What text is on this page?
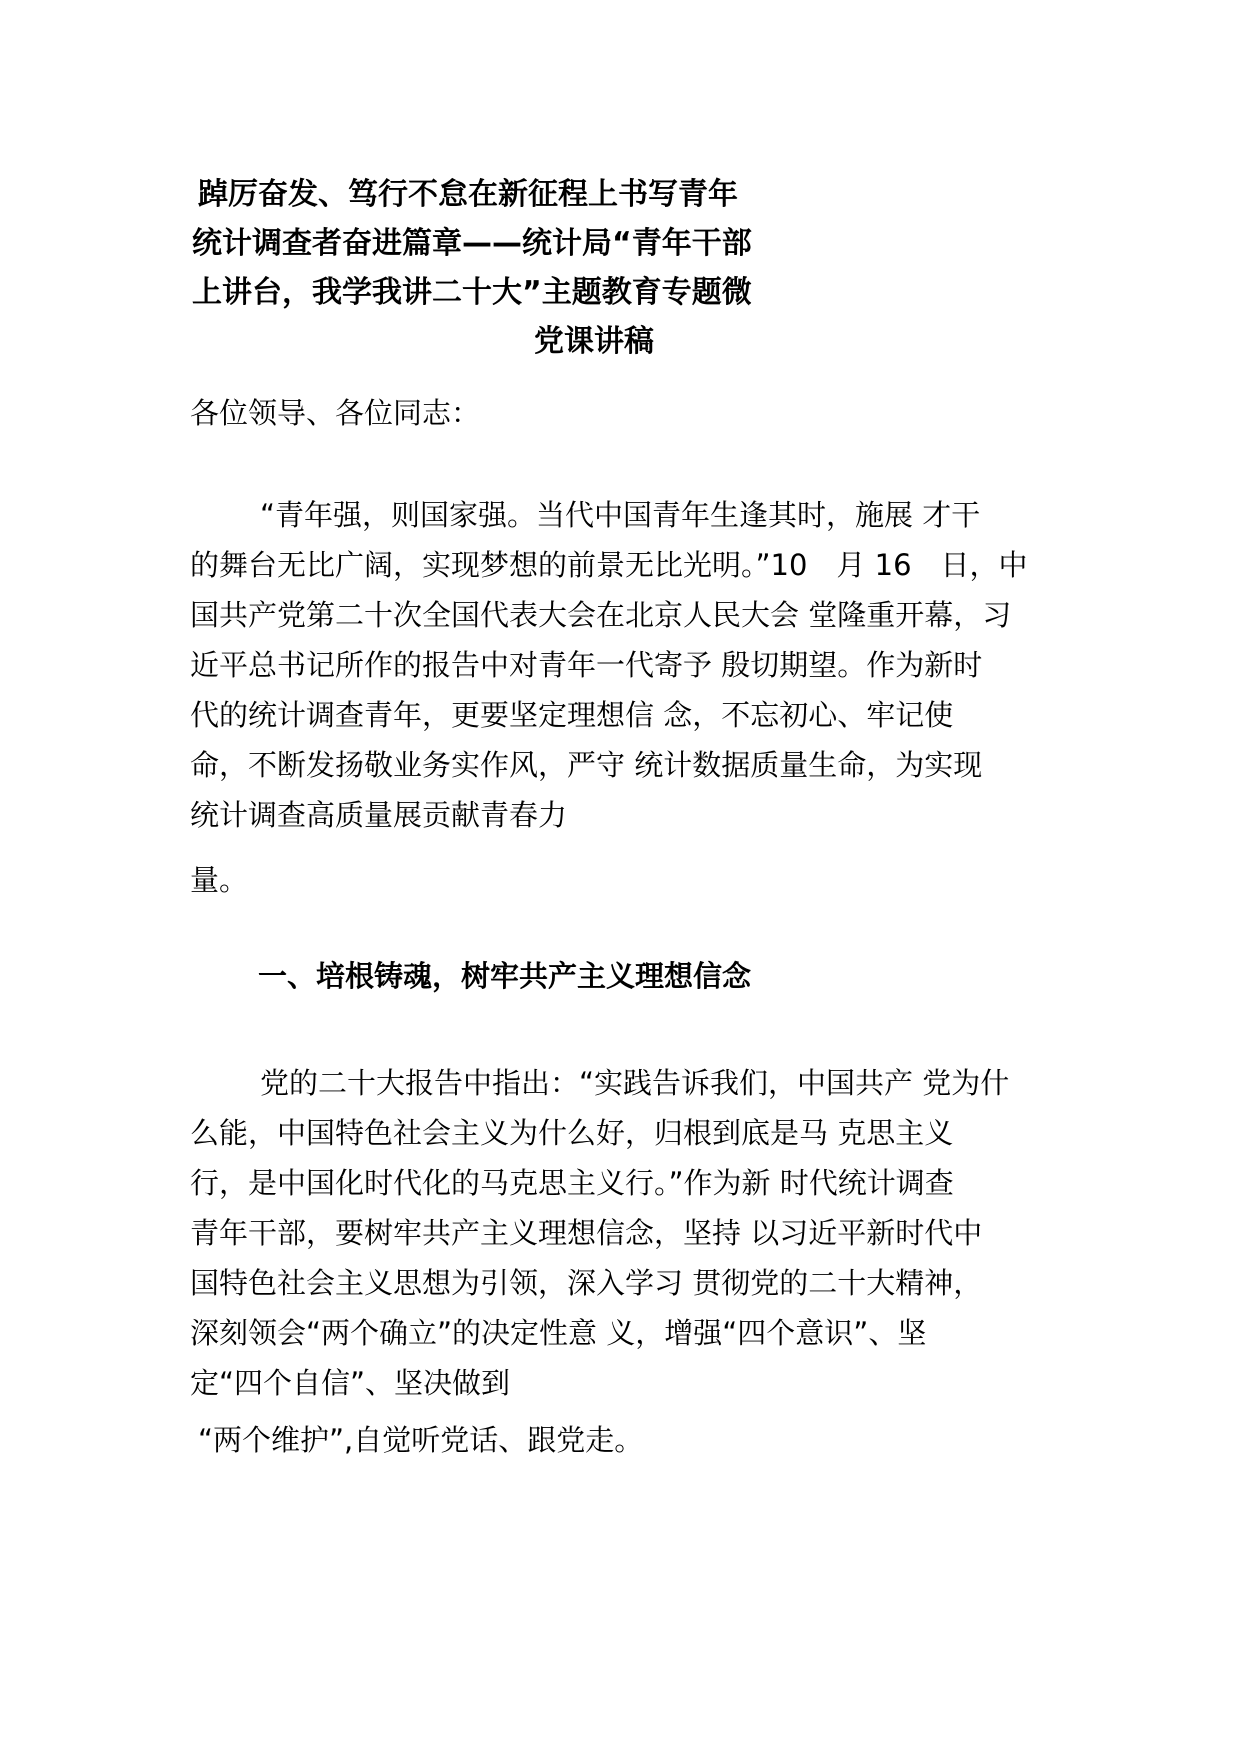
踔厉奋发、笃行不怠在新征程上书写青年
统计调查者奋进篇章——统计局“青年干部
上讲台，我学我讲二十大”主题教育专题微
党课讲稿
各位领导、各位同志：
“青年强，则国家强。当代中国青年生逢其时，施展 才干
的舞台无比广阔，实现梦想的前景无比光明。”10　月 16　日，中
国共产党第二十次全国代表大会在北京人民大会 堂隆重开幕，习
近平总书记所作的报告中对青年一代寄予 殷切期望。作为新时
代的统计调查青年，更要坚定理想信 念，不忘初心、牢记使
命，不断发扬敬业务实作风，严守 统计数据质量生命，为实现
统计调查高质量展贡献青春力
量。
一、培根铸魂，树牢共产主义理想信念
党的二十大报告中指出：“实践告诉我们，中国共产 党为什
么能，中国特色社会主义为什么好，归根到底是马 克思主义
行，是中国化时代化的马克思主义行。”作为新 时代统计调查
青年干部，要树牢共产主义理想信念，坚持 以习近平新时代中
国特色社会主义思想为引领，深入学习 贯彻党的二十大精神，
深刻领会“两个确立”的决定性意 义，增强“四个意识”、坚
定“四个自信”、坚决做到
“两个维护”,自觉听党话、跟党走。
